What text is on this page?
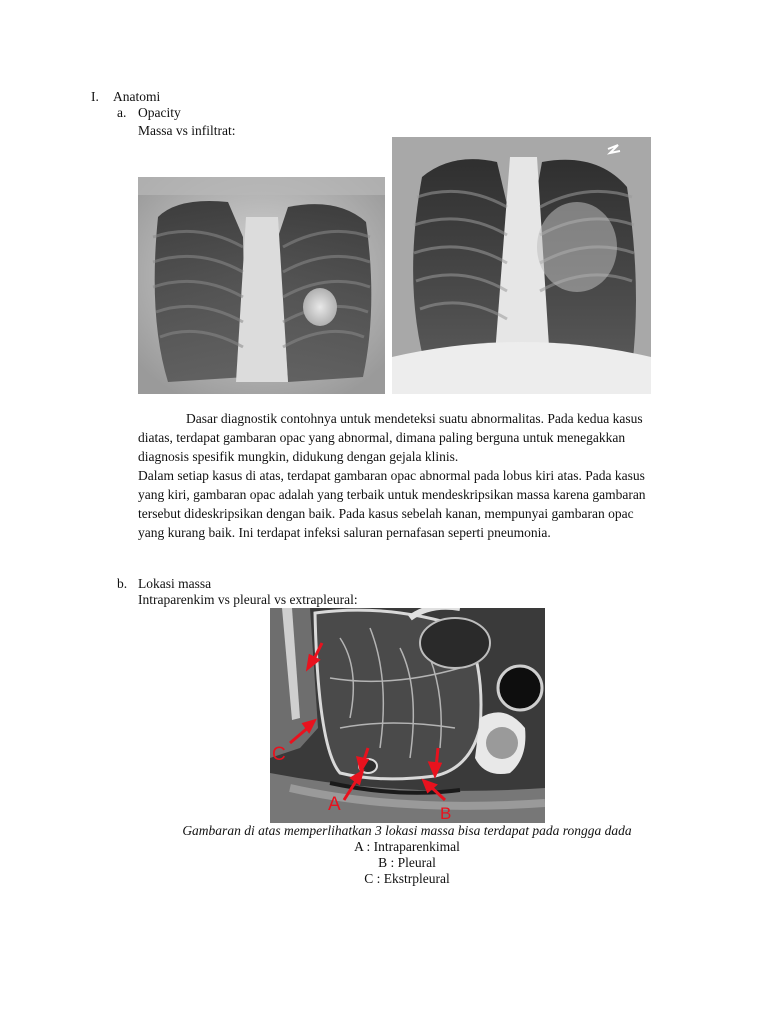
I. Anatomi
a. Opacity
Massa vs infiltrat:

Dasar diagnostik contohnya untuk mendeteksi suatu abnormalitas. Pada kedua kasus diatas, terdapat gambaran opac yang abnormal, dimana paling berguna untuk menegakkan diagnosis spesifik mungkin, didukung dengan gejala klinis.

Dalam setiap kasus di atas, terdapat gambaran opac abnormal pada lobus kiri atas. Pada kasus yang kiri, gambaran opac adalah yang terbaik untuk mendeskripsikan massa karena gambaran tersebut dideskripsikan dengan baik. Pada kasus sebelah kanan, mempunyai gambaran opac yang kurang baik. Ini terdapat infeksi saluran pernafasan seperti pneumonia.

b. Lokasi massa
Intraparenkim vs pleural vs extrapleural:
C
A	B
Gambaran di atas memperlihatkan 3 lokasi massa bisa terdapat pada rongga dada
A : Intraparenkimal
B : Pleural
C : Ekstrpleural
